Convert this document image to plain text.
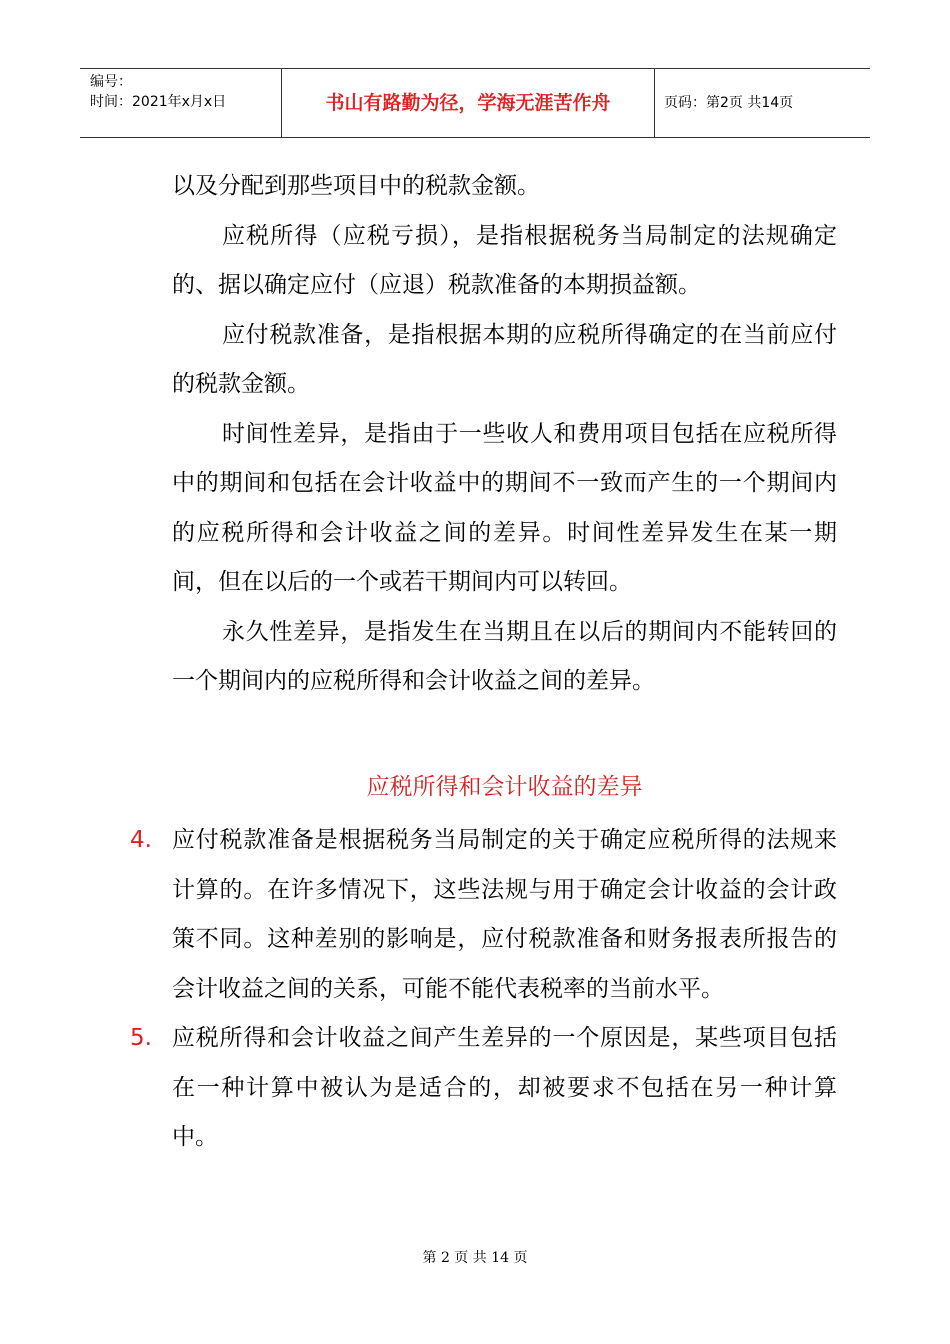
编号：
时间：2021年x月x日	书山有路勤为径，学海无涯苦作舟	页码：第2页 共14页

以及分配到那些项目中的税款金额。

应税所得（应税亏损），是指根据税务当局制定的法规确定的、据以确定应付（应退）税款准备的本期损益额。

应付税款准备，是指根据本期的应税所得确定的在当前应付的税款金额。

时间性差异，是指由于一些收人和费用项目包括在应税所得中的期间和包括在会计收益中的期间不一致而产生的一个期间内的应税所得和会计收益之间的差异。时间性差异发生在某一期间，但在以后的一个或若干期间内可以转回。

永久性差异，是指发生在当期且在以后的期间内不能转回的一个期间内的应税所得和会计收益之间的差异。

应税所得和会计收益的差异
4. 应付税款准备是根据税务当局制定的关于确定应税所得的法规来计算的。在许多情况下，这些法规与用于确定会计收益的会计政策不同。这种差别的影响是，应付税款准备和财务报表所报告的会计收益之间的关系，可能不能代表税率的当前水平。

5. 应税所得和会计收益之间产生差异的一个原因是，某些项目包括在一种计算中被认为是适合的，却被要求不包括在另一种计算中。

第 2 页 共 14 页
